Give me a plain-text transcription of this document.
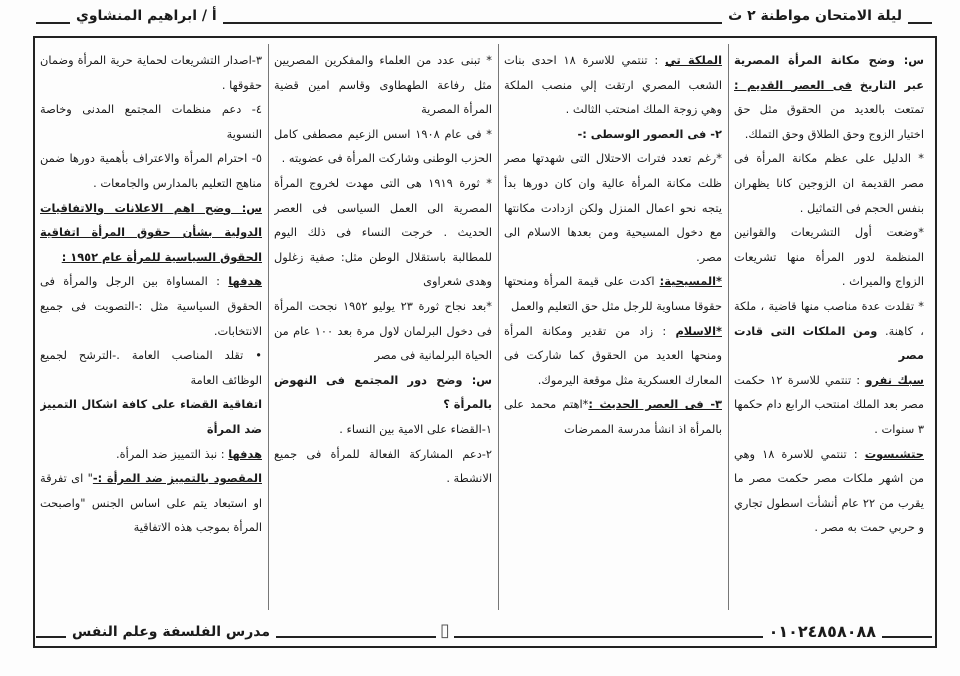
ليلة الامتحان مواطنة ٢ ث
أ / ابراهيم المنشاوي

س: وضح مكانة المرأة المصرية عبر التاريخ فى العصر القديم : تمتعت بالعديد من الحقوق مثل حق اختيار الزوج وحق الطلاق وحق التملك.

* الدليل على عظم مكانة المرأة فى مصر القديمة ان الزوجين كانا يظهران بنفس الحجم فى التماثيل .

*وضعت أول التشريعات والقوانين المنظمة لدور المرأة منها تشريعات الزواج والميراث .

* تقلدت عدة مناصب منها قاضية ، ملكة ، كاهنة. ومن الملكات التى قادت مصر

سبك نفرو : تنتمي للاسرة ١٢ حكمت مصر بعد الملك امنتحب الرابع دام حكمها ٣ سنوات .

حتشبسوت : تنتمي للاسرة ١٨ وهي من اشهر ملكات مصر حكمت مصر ما يقرب من ٢٢ عام أنشأت اسطول تجاري و حربي حمت به مصر .

الملكة تي : تنتمي للاسرة ١٨ احدى بنات الشعب المصري ارتقت إلي منصب الملكة وهي زوجة الملك امنحتب الثالث .

٢- فى العصور الوسطى :-

*رغم تعدد فترات الاحتلال التى شهدتها مصر ظلت مكانة المرأة عالية وان كان دورها بدأ يتجه نحو اعمال المنزل ولكن ازدادت مكانتها مع دخول المسيحية ومن بعدها الاسلام الى مصر.

*المسيحية: اكدت على قيمة المرأة ومنحتها حقوقا مساوية للرجل مثل حق التعليم والعمل

*الاسلام : زاد من تقدير ومكانة المرأة ومنحها العديد من الحقوق كما شاركت فى المعارك العسكرية مثل موقعة اليرموك.

٣- فى العصر الحديث :*اهتم محمد على بالمرأة اذ انشأ مدرسة الممرضات

* تبنى عدد من العلماء والمفكرين المصريين مثل رفاعة الطهطاوى وقاسم امين قضية المرأة المصرية

* فى عام ١٩٠٨ اسس الزعيم مصطفى كامل الحزب الوطنى وشاركت المرأة فى عضويته .

* ثورة ١٩١٩ هى التى مهدت لخروج المرأة المصرية الى العمل السياسى فى العصر الحديث . خرجت النساء فى ذلك اليوم للمطالبة باستقلال الوطن مثل: صفية زغلول وهدى شعراوى

*بعد نجاح ثورة ٢٣ يوليو ١٩٥٢ نجحت المرأة فى دخول البرلمان لاول مرة بعد ١٠٠ عام من الحياة البرلمانية فى مصر

س: وضح دور المجتمع فى النهوض بالمرأة ؟

١-القضاء على الامية بين النساء .

٢-دعم المشاركة الفعالة للمرأة فى جميع الانشطة .

٣-اصدار التشريعات لحماية حرية المرأة وضمان حقوقها .

٤- دعم منظمات المجتمع المدنى وخاصة النسوية

٥- احترام المرأة والاعتراف بأهمية دورها ضمن مناهج التعليم بالمدارس والجامعات .

س: وضح اهم الاعلانات والاتفاقيات الدولية بشأن حقوق المرأة اتفاقية الحقوق السياسية للمرأة عام ١٩٥٢ :

هدفها : المساواة بين الرجل والمرأة فى الحقوق السياسية مثل :-التصويت فى جميع الانتخابات.

• تقلد المناصب العامة .-الترشح لجميع الوظائف العامة

اتفاقية القضاء على كافة اشكال التمييز ضد المرأة

هدفها : نبذ التمييز ضد المرأة.

المقصود بالتمييز ضد المرأة :-" اى تفرقة او استبعاد يتم على اساس الجنس "واصبحت المرأة بموجب هذه الاتفاقية

مدرس الفلسفة وعلم النفس	▯	٠١٠٢٤٨٥٨٠٨٨
